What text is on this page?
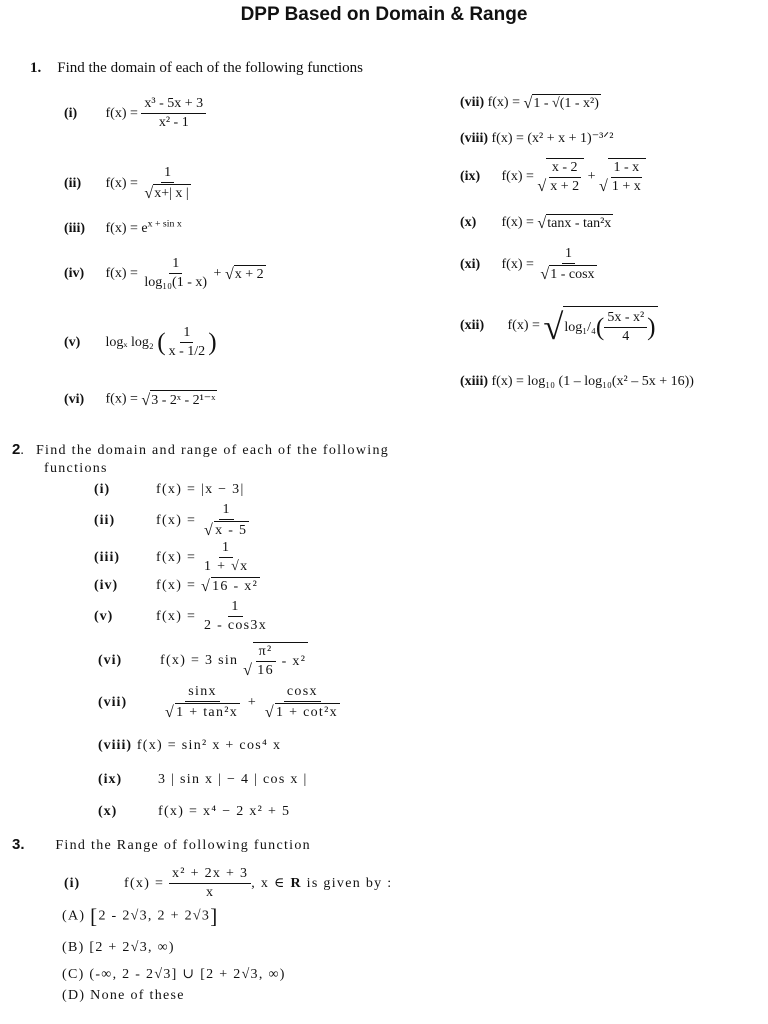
DPP Based on Domain & Range
1. Find the domain of each of the following functions
(i) $f(x) = \frac{\text{x³ - 5x + 3}}{\text{x² - 1}}$
(ii) $f(x) = \frac{1}{√ x+| x |}$
(iii) $f(x) = e^{x + sin x}$
(iv) $f(x) = \frac{1}{\text{log₁₀(1 - x)}}$ + √ x + 2
(v) logₓ log₂ ( $\frac{1}{x - 1/2}$ )
(vi) f(x) = √ 3 - 2ˣ - 2¹⁻ˣ
(vii) f(x) = √ 1 - √(1 - x²)
(viii) f(x) = (x² + x + 1)⁻³ᐟ²
(ix) f(x) =
√ $\frac{x - 2}{x + 2}$ +
√ $\frac{1 - x}{1 + x}$
(x) f(x) = √ tanx - tan²x
(xi) $f(x) = \frac{1}{√ 1 - \cos x}$
(xii) f(x) = √ $\log_1/_4( \frac{\text{5x - x²}}{4}$ )
(xiii) f(x) = log₁₀ (1 – log₁₀(x² – 5x + 16))
2. Find the domain and range of each of the following
functions
(i)	f(x) = |x − 3|
(ii)	$f(x) = \frac{1}{√ x - 5}$
(iii)	$f(x) = \frac{1}{1 + √x}$
(iv)	f(x) = √ 16 - x²
(v)	$f(x) = \frac{1}{2 - \cos 3x}$
(vi)	f(x) = 3 sin
√ $\frac{\text{π²}}{16} - x^2$
$(vii) \frac{\sin x}{\text{√ 1 + tan²x}} + \frac{\cos x}{\text{√ 1 + cot²x}}$
(viii) f(x) = sin² x + cos⁴ x
(ix)	3 | sin x | − 4 | cos x |
(x)	f(x) = x⁴ − 2 x² + 5
3. Find the Range of following function
(i)	$f(x) = \frac{\text{x² + 2x + 3}}{x}$ , x ∈ R is given by :
(A) [2 - 2√3, 2 + 2√3]
(B) [2 + 2√3, ∞)
(C) (-∞, 2 - 2√3] ∪ [2 + 2√3, ∞)
(D) None of these
